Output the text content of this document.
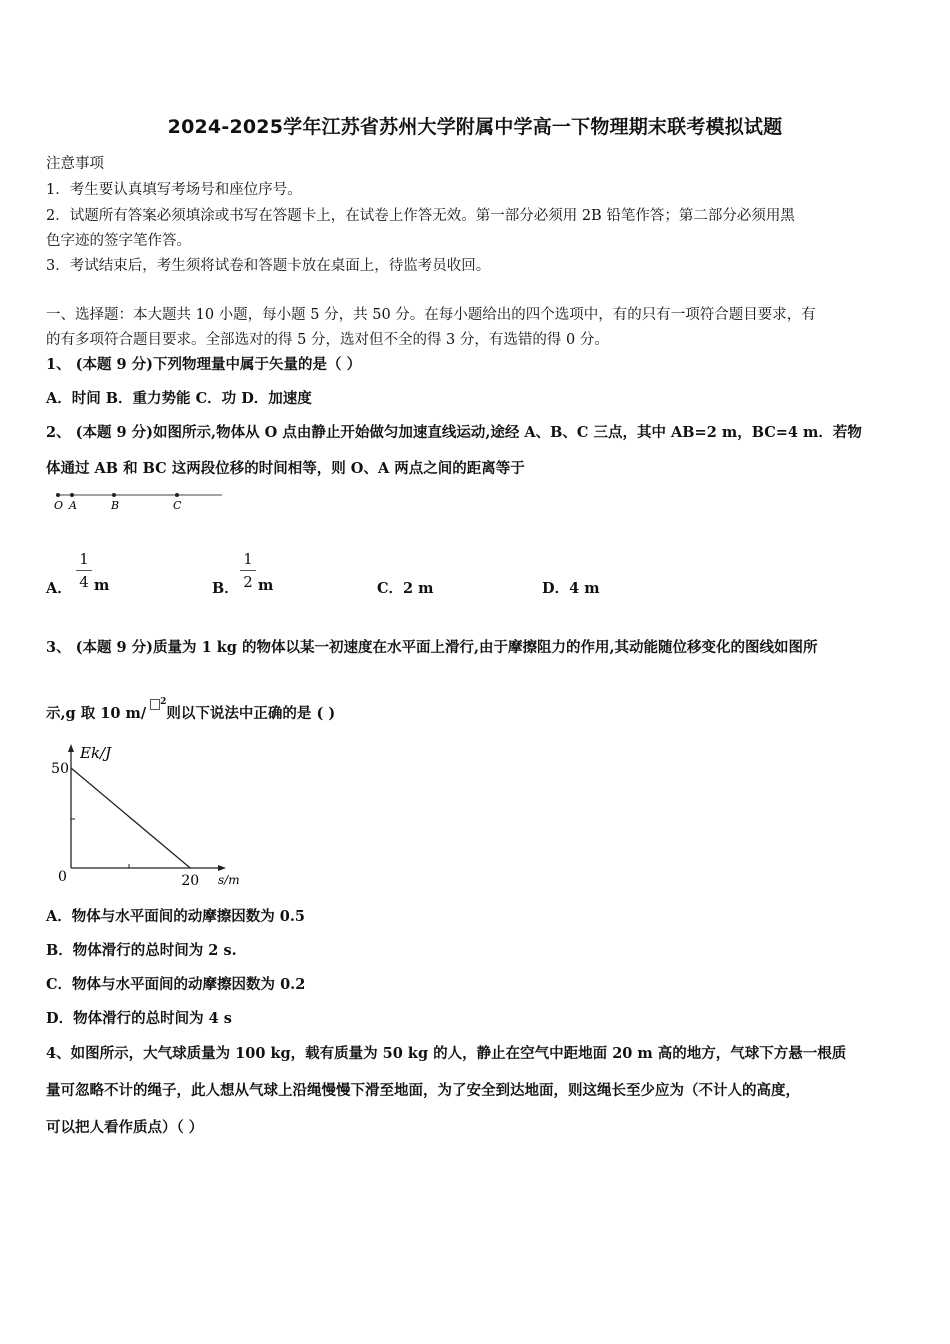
2024-2025学年江苏省苏州大学附属中学高一下物理期末联考模拟试题
注意事项
1．考生要认真填写考场号和座位序号。
2．试题所有答案必须填涂或书写在答题卡上，在试卷上作答无效。第一部分必须用 2B 铅笔作答；第二部分必须用黑
色字迹的签字笔作答。
3．考试结束后，考生须将试卷和答题卡放在桌面上，待监考员收回。
一、选择题：本大题共 10 小题，每小题 5 分，共 50 分。在每小题给出的四个选项中，有的只有一项符合题目要求，有
的有多项符合题目要求。全部选对的得 5 分，选对但不全的得 3 分，有选错的得 0 分。
1、 (本题 9 分)下列物理量中属于矢量的是（ ）
A．时间 B．重力势能 C．功 D．加速度
2、 (本题 9 分)如图所示,物体从 O 点由静止开始做匀加速直线运动,途经 A、B、C 三点，其中 AB=2 m，BC=4 m．若物
体通过 AB 和 BC 这两段位移的时间相等，则 O、A 两点之间的距离等于
O A	B	C
A．
1
4 m	B．
1
2 m	C．2 m	D．4 m
3、 (本题 9 分)质量为 1 kg 的物体以某一初速度在水平面上滑行,由于摩擦阻力的作用,其动能随位移变化的图线如图所
示,g 取 10 m/$^2$则以下说法中正确的是 ( )
50
20
0
Ek/J
s/m
A．物体与水平面间的动摩擦因数为 0.5
B．物体滑行的总时间为 2 s.
C．物体与水平面间的动摩擦因数为 0.2
D．物体滑行的总时间为 4 s
4、如图所示，大气球质量为 100 kg，载有质量为 50 kg 的人，静止在空气中距地面 20 m 高的地方，气球下方悬一根质
量可忽略不计的绳子，此人想从气球上沿绳慢慢下滑至地面，为了安全到达地面，则这绳长至少应为（不计人的高度，
可以把人看作质点）（ ）
